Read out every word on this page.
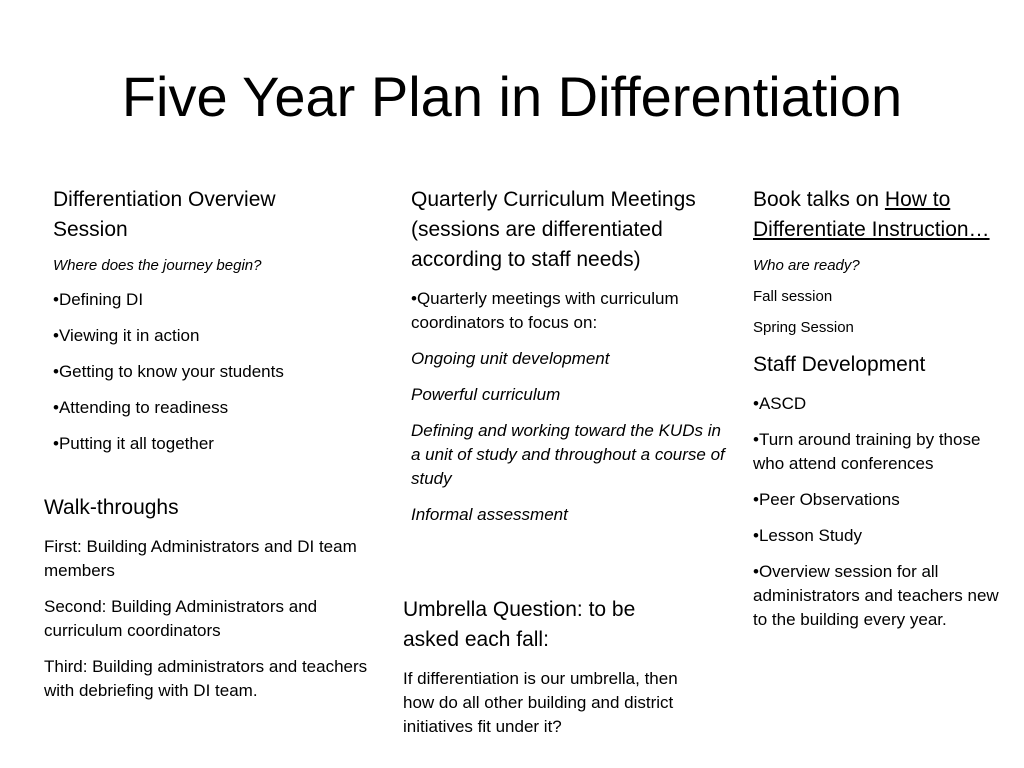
Five Year Plan in Differentiation

Differentiation Overview Session

Where does the journey begin?

•Defining DI

•Viewing it in action

•Getting to know your students

•Attending to readiness

•Putting it all together

Walk-throughs

First: Building Administrators and DI team members

Second: Building Administrators and curriculum coordinators

Third: Building administrators and teachers with debriefing with DI team.

Quarterly Curriculum Meetings (sessions are differentiated according to staff needs)

•Quarterly meetings with curriculum coordinators to focus on:

Ongoing unit development

Powerful curriculum

Defining and working toward the KUDs in a unit of study and throughout a course of study

Informal assessment

Umbrella Question: to be asked each fall:

If differentiation is our umbrella, then how do all other building and district initiatives fit under it?

Book talks on How to Differentiate Instruction…

Who are ready?

Fall session

Spring Session

Staff Development

•ASCD

•Turn around training by those who attend conferences

•Peer Observations

•Lesson Study

•Overview session for all administrators and teachers new to the building every year.
